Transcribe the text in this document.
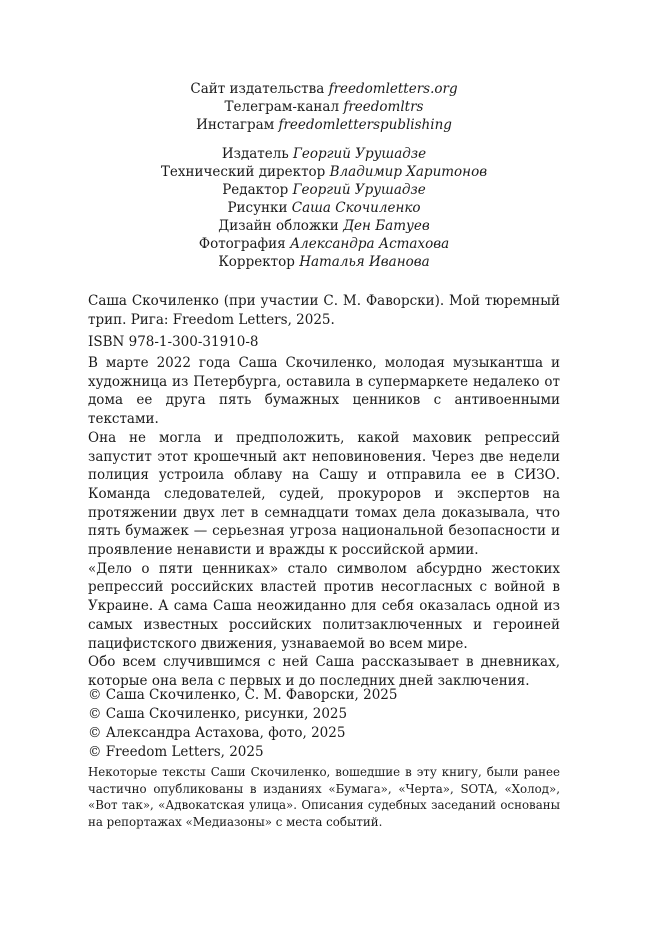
Сайт издательства freedomletters.org
Телеграм-канал freedomltrs
Инстаграм freedomletterspublishing
Издатель Георгий Урушадзе
Технический директор Владимир Харитонов
Редактор Георгий Урушадзе
Рисунки Саша Скочиленко
Дизайн обложки Ден Батуев
Фотография Александра Астахова
Корректор Наталья Иванова
Саша Скочиленко (при участии С. М. Фаворски). Мой тюремный трип. Рига: Freedom Letters, 2025.
ISBN 978-1-300-31910-8
В марте 2022 года Саша Скочиленко, молодая музыкантша и художница из Петербурга, оставила в супермаркете недалеко от дома ее друга пять бумажных ценников с антивоенными текстами.
Она не могла и предположить, какой маховик репрессий запустит этот крошечный акт неповиновения. Через две недели полиция устроила облаву на Сашу и отправила ее в СИЗО. Команда следователей, судей, прокуроров и экспертов на протяжении двух лет в семнадцати томах дела доказывала, что пять бумажек — серьезная угроза национальной безопасности и проявление ненависти и вражды к российской армии.
«Дело о пяти ценниках» стало символом абсурдно жестоких репрессий российских властей против несогласных с войной в Украине. А сама Саша неожиданно для себя оказалась одной из самых известных российских политзаключенных и героиней пацифистского движения, узнаваемой во всем мире.
Обо всем случившимся с ней Саша рассказывает в дневниках, которые она вела с первых и до последних дней заключения.
© Саша Скочиленко, С. М. Фаворски, 2025
© Саша Скочиленко, рисунки, 2025
© Александра Астахова, фото, 2025
© Freedom Letters, 2025
Некоторые тексты Саши Скочиленко, вошедшие в эту книгу, были ранее частично опубликованы в изданиях «Бумага», «Черта», SOTA, «Холод», «Вот так», «Адвокатская улица». Описания судебных заседаний основаны на репортажах «Медиазоны» с места событий.
